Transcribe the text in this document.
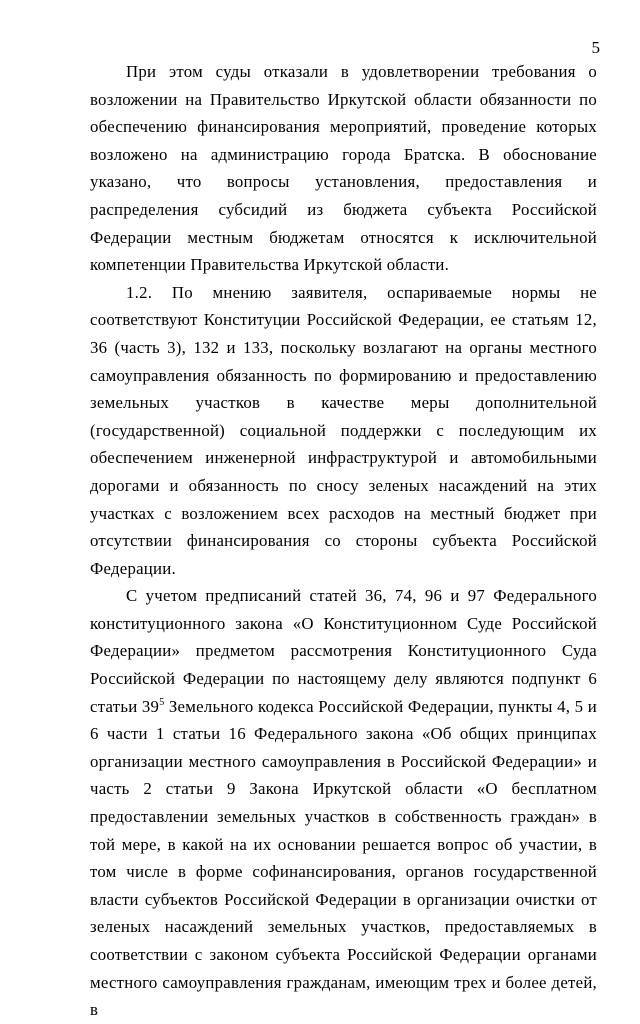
5

При этом суды отказали в удовлетворении требования о возложении на Правительство Иркутской области обязанности по обеспечению финансирования мероприятий, проведение которых возложено на администрацию города Братска. В обоснование указано, что вопросы установления, предоставления и распределения субсидий из бюджета субъекта Российской Федерации местным бюджетам относятся к исключительной компетенции Правительства Иркутской области.

1.2. По мнению заявителя, оспариваемые нормы не соответствуют Конституции Российской Федерации, ее статьям 12, 36 (часть 3), 132 и 133, поскольку возлагают на органы местного самоуправления обязанность по формированию и предоставлению земельных участков в качестве меры дополнительной (государственной) социальной поддержки с последующим их обеспечением инженерной инфраструктурой и автомобильными дорогами и обязанность по сносу зеленых насаждений на этих участках с возложением всех расходов на местный бюджет при отсутствии финансирования со стороны субъекта Российской Федерации.

С учетом предписаний статей 36, 74, 96 и 97 Федерального конституционного закона «О Конституционном Суде Российской Федерации» предметом рассмотрения Конституционного Суда Российской Федерации по настоящему делу являются подпункт 6 статьи $39^5$ Земельного кодекса Российской Федерации, пункты 4, 5 и 6 части 1 статьи 16 Федерального закона «Об общих принципах организации местного самоуправления в Российской Федерации» и часть 2 статьи 9 Закона Иркутской области «О бесплатном предоставлении земельных участков в собственность граждан» в той мере, в какой на их основании решается вопрос об участии, в том числе в форме софинансирования, органов государственной власти субъектов Российской Федерации в организации очистки от зеленых насаждений земельных участков, предоставляемых в соответствии с законом субъекта Российской Федерации органами местного самоуправления гражданам, имеющим трех и более детей, в
